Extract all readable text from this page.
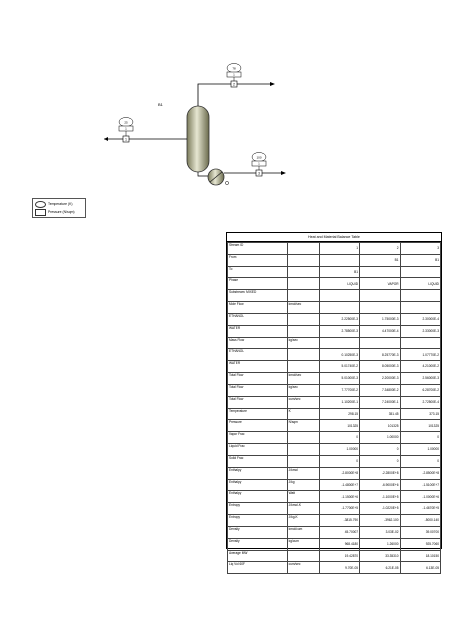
B1
1
2
3
25
1
78
1
100
1
Temperature (K)
Pressure (N/sqm)
Heat and Material Balance Table
Stream ID		1	2	3
From			B1	B1
To		B1		
Phase		LIQUID	VAPOR	LIQUID
Substream: MIXED				
Mole Flow	kmol/sec			
ETHANOL		2.22500E-3	1.75000E-3	2.30000E-4
WATER		2.78500E-3	4.47000E-4	2.33000E-3
Mass Flow	kg/sec			
ETHANOL		0.10250E-3	8.25770E-3	1.07770E-2
WATER		5.01740E-2	8.05000E-3	4.21000E-2
Total Flow	kmol/sec	5.01000E-3	2.20000E-3	2.56000E-3
Total Flow	kg/sec	7.77700E-2	7.34800E-2	6.28700E-2
Total Flow	cum/sec	1.10200E-1	7.24000E-1	2.72500E-4
Temperature	K	298.15	351.45	373.15
Pressure	N/sqm	101325	101325	101325
Vapor Frac		0	1.00000	0
Liquid Frac		1.00000	0	1.00000
Solid Frac		0	0	0
Enthalpy	J/kmol	-2.8000E+8	-2.2800E+8	-2.8500E+8
Enthalpy	J/kg	-1.4800E+7	-6.9000E+6	-1.5100E+7
Enthalpy	Watt	-1.1500E+6	-1.1000E+5	-1.0000E+6
Entropy	J/kmol-K	-1.7700E+5	-1.0220E+5	-1.4670E+5
Entropy	J/kg-K	-3815.790	-3962.100	-5000.140
Density	kmol/cum	45.70007	3.03E-02	39.00700
Density	kg/cum	968.4180	1.26000	925.7060
Average MW		19.42870	33.35310	18.10150
Liq Vol 60F	cum/sec	9.70E-05	6.21E-05	6.13E-05
